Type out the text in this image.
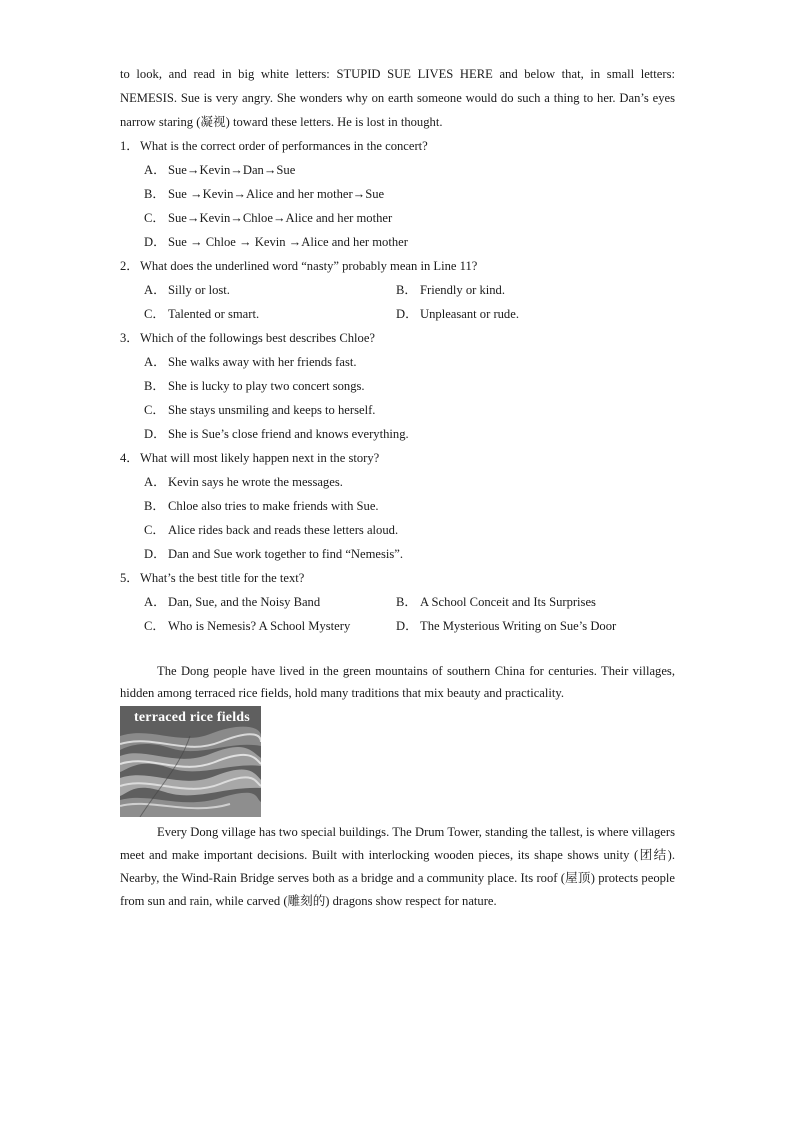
to look, and read in big white letters: STUPID SUE LIVES HERE and below that, in small letters: NEMESIS. Sue is very angry. She wonders why on earth someone would do such a thing to her. Dan’s eyes narrow staring (凝视) toward these letters. He is lost in thought.

1． What is the correct order of performances in the concert?
A． Sue→Kevin→Dan→Sue
B． Sue →Kevin→Alice and her mother→Sue
C． Sue→Kevin→Chloe→Alice and her mother
D． Sue → Chloe → Kevin →Alice and her mother
2． What does the underlined word “nasty” probably mean in Line 11?
A． Silly or lost.	B． Friendly or kind.
C． Talented or smart.	D． Unpleasant or rude.
3． Which of the followings best describes Chloe?
A． She walks away with her friends fast.
B． She is lucky to play two concert songs.
C． She stays unsmiling and keeps to herself.
D． She is Sue’s close friend and knows everything.
4． What will most likely happen next in the story?
A． Kevin says he wrote the messages.
B． Chloe also tries to make friends with Sue.
C． Alice rides back and reads these letters aloud.
D． Dan and Sue work together to find “Nemesis”.
5． What’s the best title for the text?
A． Dan, Sue, and the Noisy Band	B． A School Conceit and Its Surprises
C． Who is Nemesis? A School Mystery	D． The Mysterious Writing on Sue’s Door

The Dong people have lived in the green mountains of southern China for centuries. Their villages, hidden among terraced rice fields, hold many traditions that mix beauty and practicality.

terraced rice fields

Every Dong village has two special buildings. The Drum Tower, standing the tallest, is where villagers meet and make important decisions. Built with interlocking wooden pieces, its shape shows unity (团结). Nearby, the Wind-Rain Bridge serves both as a bridge and a community place. Its roof (屋顶) protects people from sun and rain, while carved (雕刻的) dragons show respect for nature.
